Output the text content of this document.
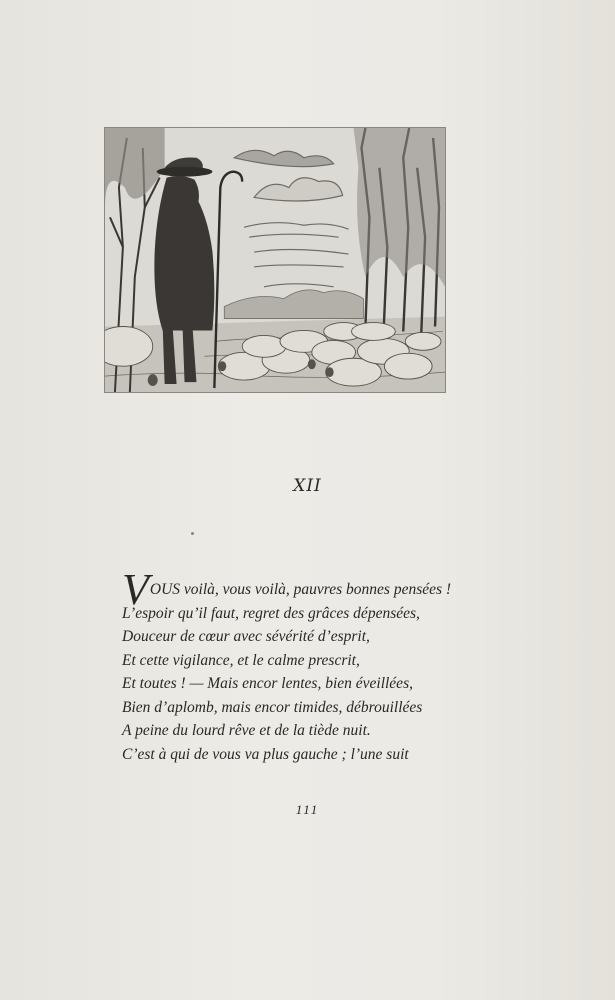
XII
VOUS voilà, vous voilà, pauvres bonnes pensées !
L’espoir qu’il faut, regret des grâces dépensées,
Douceur de cœur avec sévérité d’esprit,
Et cette vigilance, et le calme prescrit,
Et toutes ! — Mais encor lentes, bien éveillées,
Bien d’aplomb, mais encor timides, débrouillées
A peine du lourd rêve et de la tiède nuit.
C’est à qui de vous va plus gauche ; l’une suit
111
